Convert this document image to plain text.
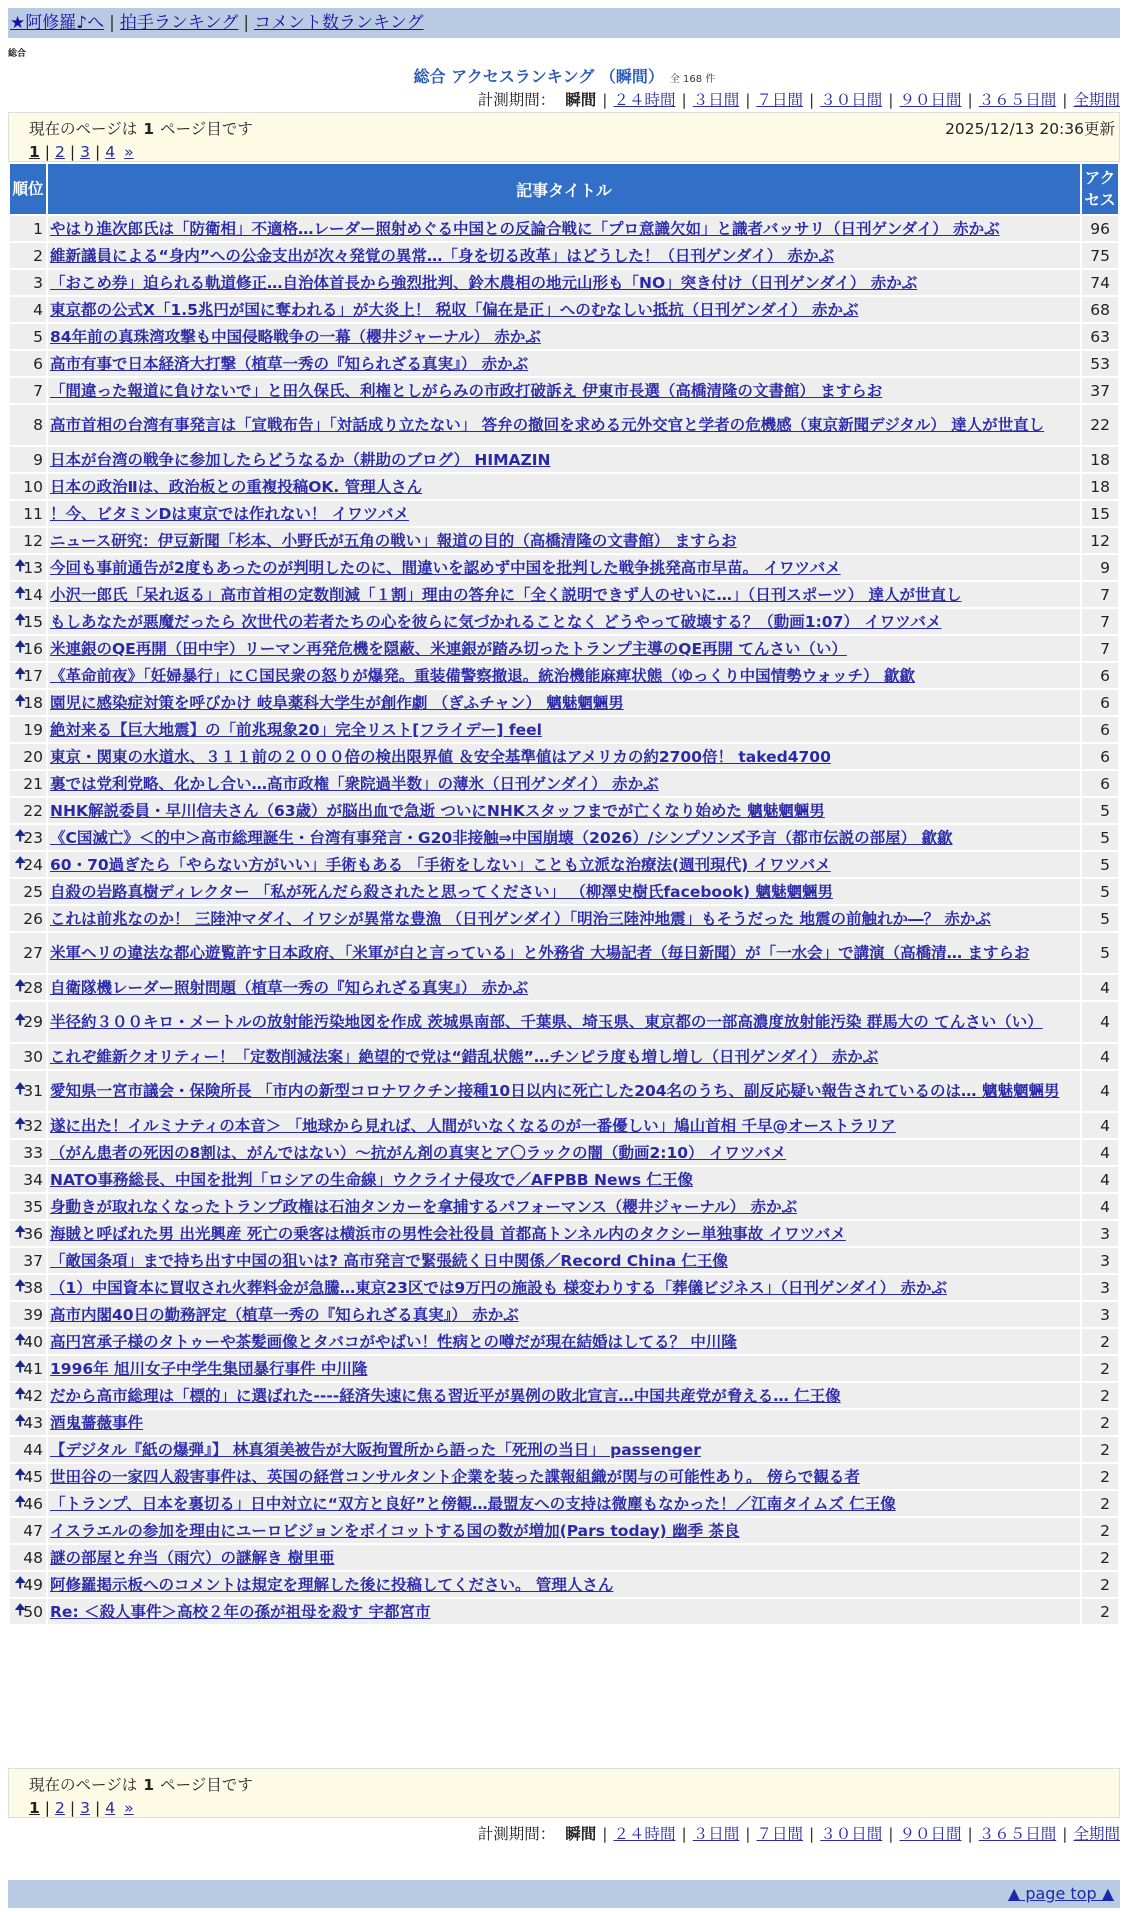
★阿修羅♪へ | 拍手ランキング | コメント数ランキング
総合
総合 アクセスランキング （瞬間） 全 168 件
計測期間： 瞬間 | ２４時間 | ３日間 | ７日間 | ３０日間 | ９０日間 | ３６５日間 | 全期間
現在のページは 1 ページ目です	2025/12/13 20:36更新
1 | 2 | 3 | 4 »
順位	記事タイトル	アクセス
1	やはり進次郎氏は「防衛相」不適格…レーダー照射めぐる中国との反論合戦に「プロ意識欠如」と識者バッサリ（日刊ゲンダイ） 赤かぶ	96
2	維新議員による“身内”への公金支出が次々発覚の異常…「身を切る改革」はどうした！（日刊ゲンダイ） 赤かぶ	75
3	「おこめ券」迫られる軌道修正…自治体首長から強烈批判、鈴木農相の地元山形も「NO」突き付け（日刊ゲンダイ） 赤かぶ	74
4	東京都の公式X「1.5兆円が国に奪われる」が大炎上！ 税収「偏在是正」へのむなしい抵抗（日刊ゲンダイ） 赤かぶ	68
5	84年前の真珠湾攻撃も中国侵略戦争の一幕（櫻井ジャーナル） 赤かぶ	63
6	高市有事で日本経済大打撃（植草一秀の『知られざる真実』） 赤かぶ	53
7	「間違った報道に負けないで」と田久保氏、利権としがらみの市政打破訴え 伊東市長選（高橋清隆の文書館） ますらお	37
8	高市首相の台湾有事発言は「宣戦布告」「対話成り立たない」 答弁の撤回を求める元外交官と学者の危機感（東京新聞デジタル） 達人が世直し	22
9	日本が台湾の戦争に参加したらどうなるか（耕助のブログ） HIMAZIN	18
10	日本の政治Ⅱは、政治板との重複投稿OK. 管理人さん	18
11	！今、ビタミンDは東京では作れない！ イワツバメ	15
12	ニュース研究：伊豆新聞「杉本、小野氏が五角の戦い」報道の目的（高橋清隆の文書館） ますらお	12

🠉
13	今回も事前通告が2度もあったのが判明したのに、間違いを認めず中国を批判した戦争挑発高市早苗。 イワツバメ	9

🠉
14	小沢一郎氏「呆れ返る」高市首相の定数削減「１割」理由の答弁に「全く説明できず人のせいに…」（日刊スポーツ） 達人が世直し	7

🠉
15	もしあなたが悪魔だったら 次世代の若者たちの心を彼らに気づかれることなく どうやって破壊する？（動画1:07） イワツバメ	7

🠉
16	米連銀のQE再開（田中宇）リーマン再発危機を隠蔽、米連銀が踏み切ったトランプ主導のQE再開 てんさい（い）	7

🠉
17	《革命前夜》「妊婦暴行」にＣ国民衆の怒りが爆発。重装備警察撤退。統治機能麻痺状態（ゆっくり中国情勢ウォッチ） 歙歙	6

🠉
18	園児に感染症対策を呼びかけ 岐阜薬科大学生が創作劇 （ぎふチャン） 魑魅魍魎男	6
19	絶対来る【巨大地震】の「前兆現象20」完全リスト[フライデー] feel	6
20	東京・関東の水道水、３１１前の２０００倍の検出限界値 ＆安全基準値はアメリカの約2700倍！ taked4700	6
21	裏では党利党略、化かし合い…高市政権「衆院過半数」の薄氷（日刊ゲンダイ） 赤かぶ	6
22	NHK解説委員・早川信夫さん（63歳）が脳出血で急逝 ついにNHKスタッフまでが亡くなり始めた 魑魅魍魎男	5

🠉
23	《C国滅亡》＜的中＞高市総理誕生・台湾有事発言・G20非接触⇒中国崩壊（2026）/シンプソンズ予言（都市伝説の部屋） 歙歙	5

🠉
24	60・70過ぎたら「やらない方がいい」手術もある 「手術をしない」ことも立派な治療法(週刊現代) イワツバメ	5
25	自殺の岩路真樹ディレクター 「私が死んだら殺されたと思ってください」 （柳澤史樹氏facebook) 魑魅魍魎男	5
26	これは前兆なのか！ 三陸沖マダイ、イワシが異常な豊漁 （日刊ゲンダイ）「明治三陸沖地震」もそうだった 地震の前触れか―？ 赤かぶ	5
27	米軍ヘリの違法な都心遊覧許す日本政府、「米軍が白と言っている」と外務省 大場記者（毎日新聞）が「一水会」で講演（高橋清… ますらお	5

🠉
28	自衛隊機レーダー照射問題（植草一秀の『知られざる真実』） 赤かぶ	4

🠉
29	半径約３００キロ・メートルの放射能汚染地図を作成 茨城県南部、千葉県、埼玉県、東京都の一部高濃度放射能汚染 群馬大の てんさい（い）	4
30	これぞ維新クオリティー！「定数削減法案」絶望的で党は“錯乱状態”…チンピラ度も増し増し（日刊ゲンダイ） 赤かぶ	4

🠉
31	愛知県一宮市議会・保険所長 「市内の新型コロナワクチン接種10日以内に死亡した204名のうち、副反応疑い報告されているのは… 魑魅魍魎男	4

🠉
32	遂に出た！イルミナティの本音＞ 「地球から見れば、人間がいなくなるのが一番優しい」鳩山首相 千早@オーストラリア	4
33	（がん患者の死因の8割は、がんではない）～抗がん剤の真実とア〇ラックの闇（動画2:10） イワツバメ	4
34	NATO事務総長、中国を批判「ロシアの生命線」ウクライナ侵攻で／AFPBB News 仁王像	4
35	身動きが取れなくなったトランプ政権は石油タンカーを拿捕するパフォーマンス（櫻井ジャーナル） 赤かぶ	4

🠉
36	海賊と呼ばれた男 出光興産 死亡の乗客は横浜市の男性会社役員 首都高トンネル内のタクシー単独事故 イワツバメ	3
37	「敵国条項」まで持ち出す中国の狙いは? 高市発言で緊張続く日中関係／Record China 仁王像	3

🠉
38	（1）中国資本に買収され火葬料金が急騰…東京23区では9万円の施設も 様変わりする「葬儀ビジネス」（日刊ゲンダイ） 赤かぶ	3
39	高市内閣40日の勤務評定（植草一秀の『知られざる真実』） 赤かぶ	3

🠉
40	高円宮承子様のタトゥーや茶髪画像とタバコがやばい！性病との噂だが現在結婚はしてる？ 中川隆	2

🠉
41	1996年 旭川女子中学生集団暴行事件 中川隆	2

🠉
42	だから高市総理は「標的」に選ばれた‐‐‐‐経済失速に焦る習近平が異例の敗北宣言…中国共産党が脅える… 仁王像	2

🠉
43	酒鬼薔薇事件	2
44	【デジタル『紙の爆弾』】 林真須美被告が大阪拘置所から語った「死刑の当日」 passenger	2

🠉
45	世田谷の一家四人殺害事件は、英国の経営コンサルタント企業を装った諜報組織が関与の可能性あり。 傍らで観る者	2

🠉
46	「トランプ、日本を裏切る」日中対立に“双方と良好”と傍観…最盟友への支持は微塵もなかった！／江南タイムズ 仁王像	2
47	イスラエルの参加を理由にユーロビジョンをボイコットする国の数が増加(Pars today) 幽季 茶良	2
48	謎の部屋と弁当（雨穴）の謎解き 樹里亜	2

🠉
49	阿修羅掲示板へのコメントは規定を理解した後に投稿してください。 管理人さん	2

🠉
50	Re: ＜殺人事件＞高校２年の孫が祖母を殺す 宇都宮市	2
現在のページは 1 ページ目です
1 | 2 | 3 | 4 »
計測期間： 瞬間 | ２４時間 | ３日間 | ７日間 | ３０日間 | ９０日間 | ３６５日間 | 全期間
▲ page top ▲
